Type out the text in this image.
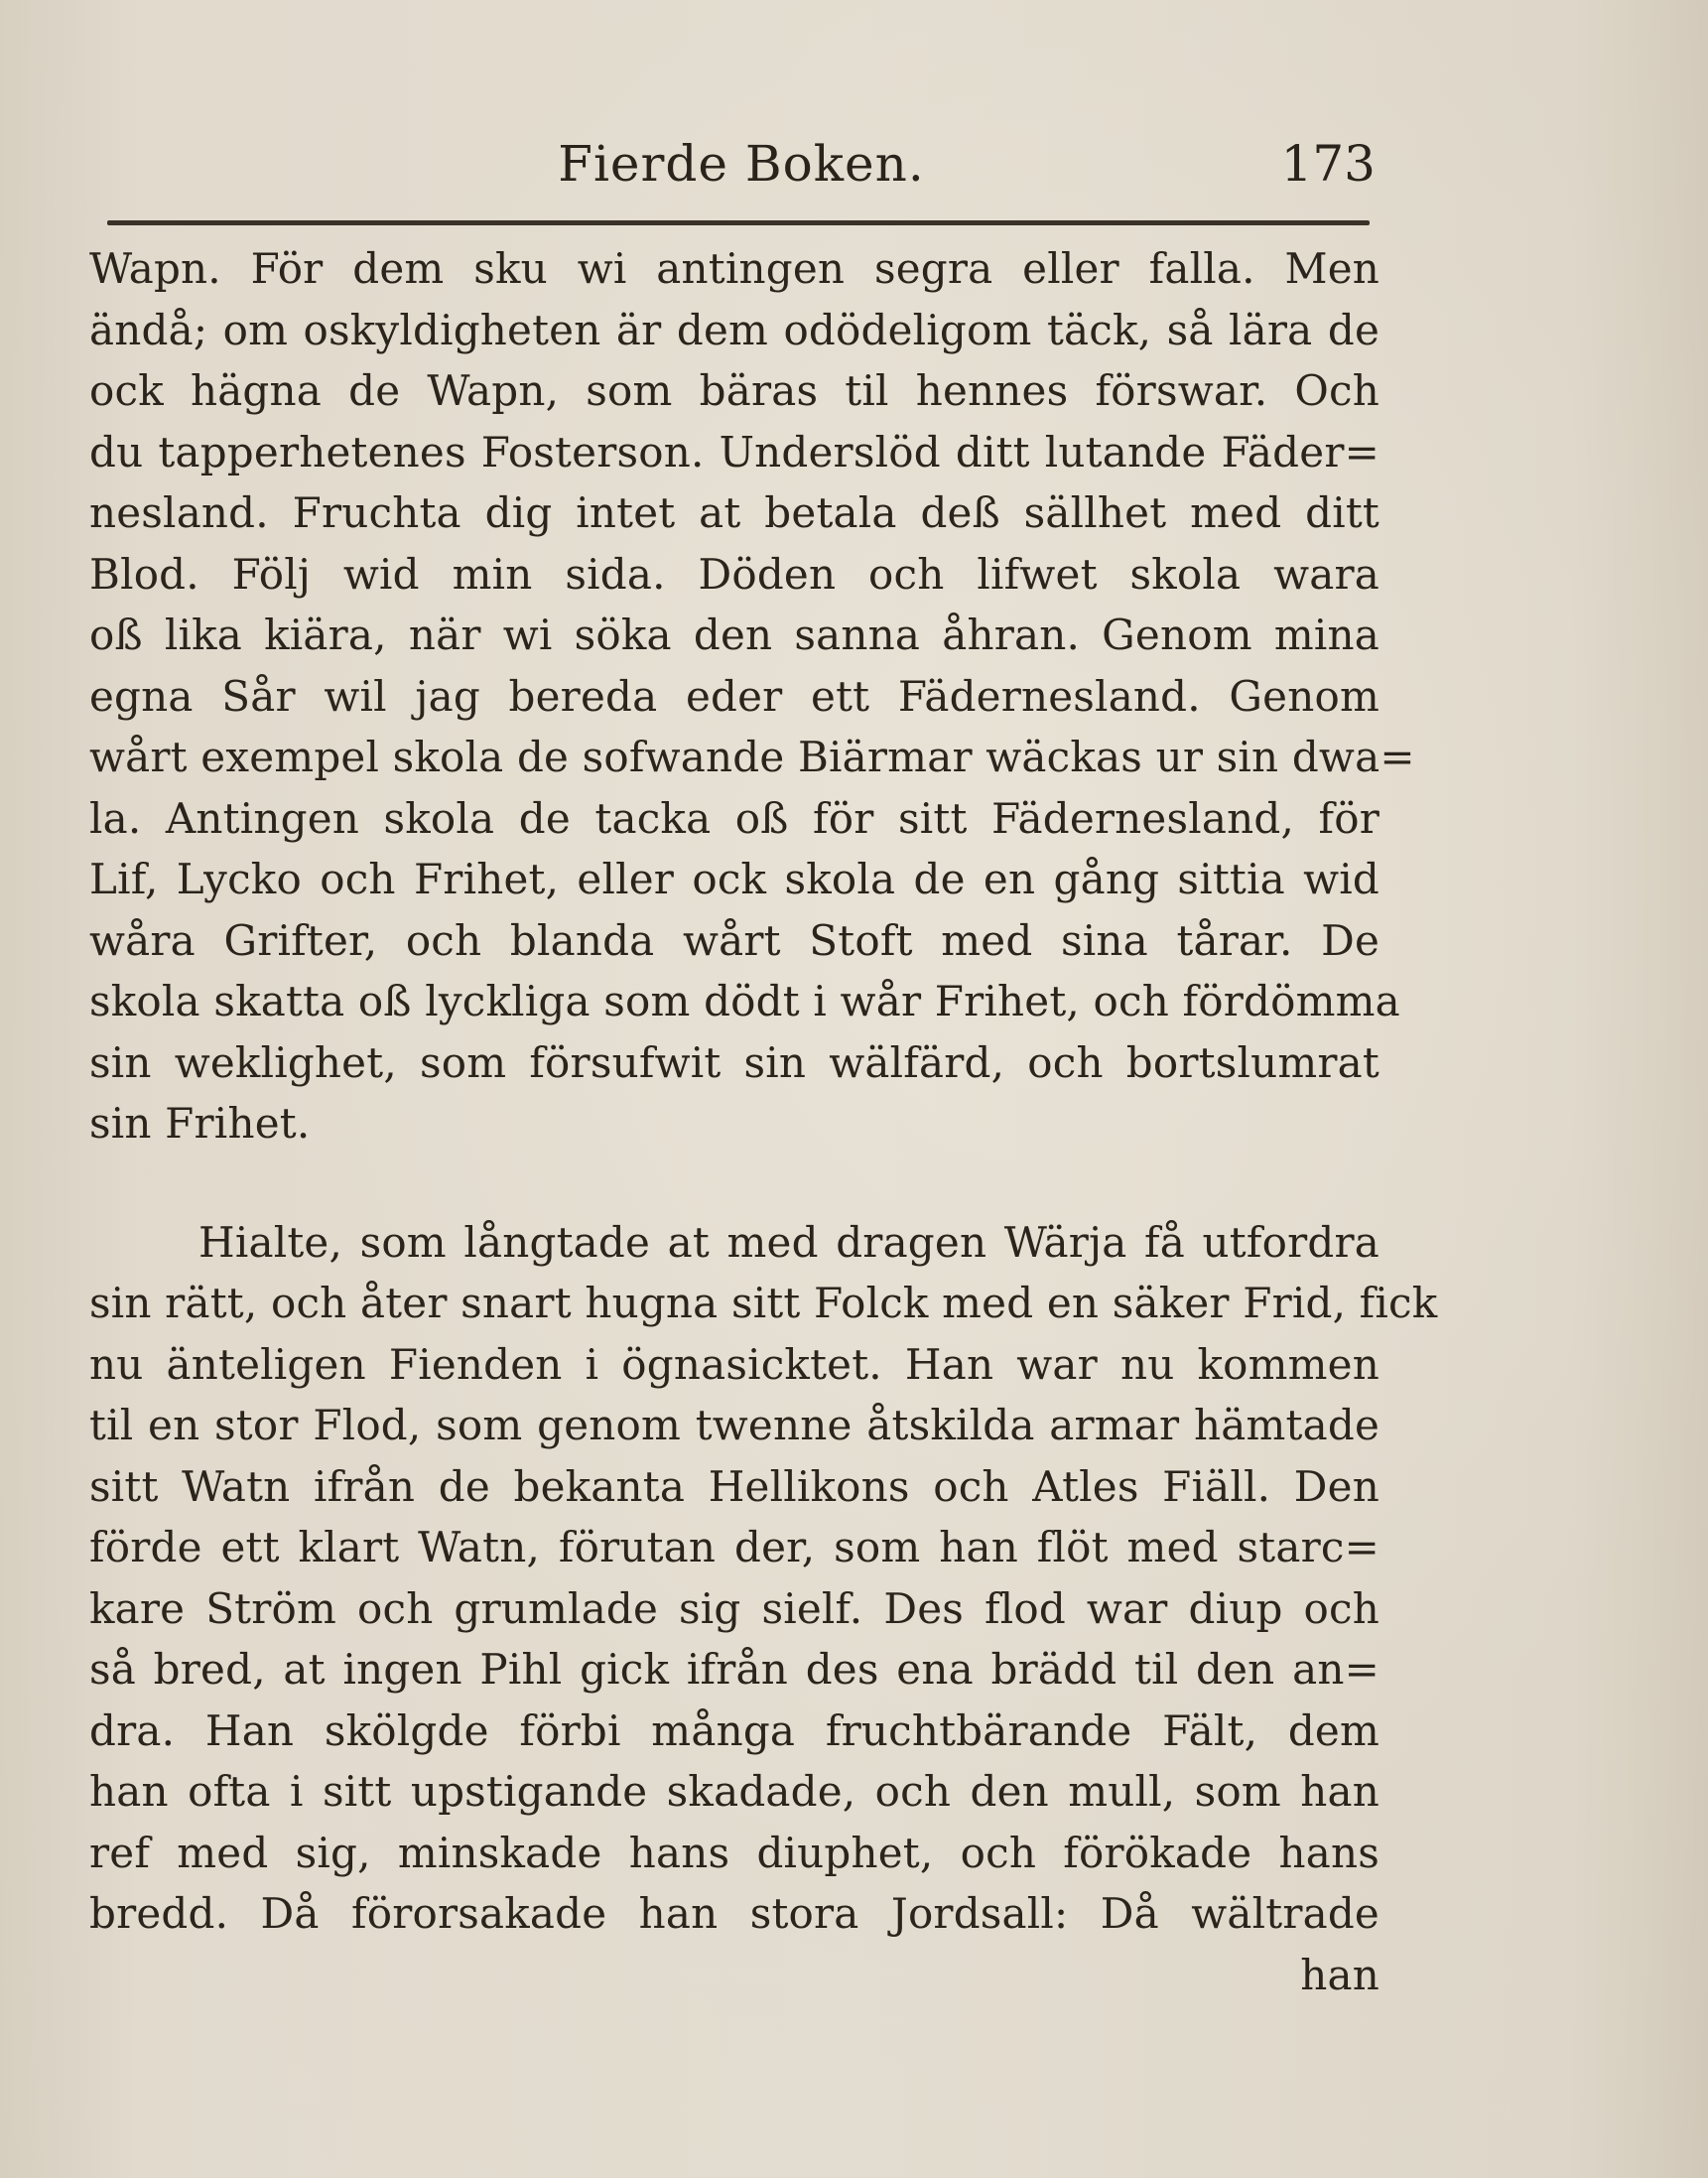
Fierde Boken.	173
Wapn. För dem sku wi antingen segra eller falla. Men
ändå; om oskyldigheten är dem odödeligom täck, så lära de
ock hägna de Wapn, som bäras til hennes förswar. Och
du tapperhetenes Fosterson. Underslöd ditt lutande Fäder=
nesland. Fruchta dig intet at betala deß sällhet med ditt
Blod. Följ wid min sida. Döden och lifwet skola wara
oß lika kiära, när wi söka den sanna åhran. Genom mina
egna Sår wil jag bereda eder ett Fädernesland. Genom
wårt exempel skola de sofwande Biärmar wäckas ur sin dwa=
la. Antingen skola de tacka oß för sitt Fädernesland, för
Lif, Lycko och Frihet, eller ock skola de en gång sittia wid
wåra Grifter, och blanda wårt Stoft med sina tårar. De
skola skatta oß lyckliga som dödt i wår Frihet, och fördömma
sin weklighet, som försufwit sin wälfärd, och bortslumrat
sin Frihet.
Hialte, som långtade at med dragen Wärja få utfordra
sin rätt, och åter snart hugna sitt Folck med en säker Frid, fick
nu änteligen Fienden i ögnasicktet. Han war nu kommen
til en stor Flod, som genom twenne åtskilda armar hämtade
sitt Watn ifrån de bekanta Hellikons och Atles Fiäll. Den
förde ett klart Watn, förutan der, som han flöt med starc=
kare Ström och grumlade sig sielf. Des flod war diup och
så bred, at ingen Pihl gick ifrån des ena brädd til den an=
dra. Han skölgde förbi många fruchtbärande Fält, dem
han ofta i sitt upstigande skadade, och den mull, som han
ref med sig, minskade hans diuphet, och förökade hans
bredd. Då förorsakade han stora Jordsall: Då wältrade
han
